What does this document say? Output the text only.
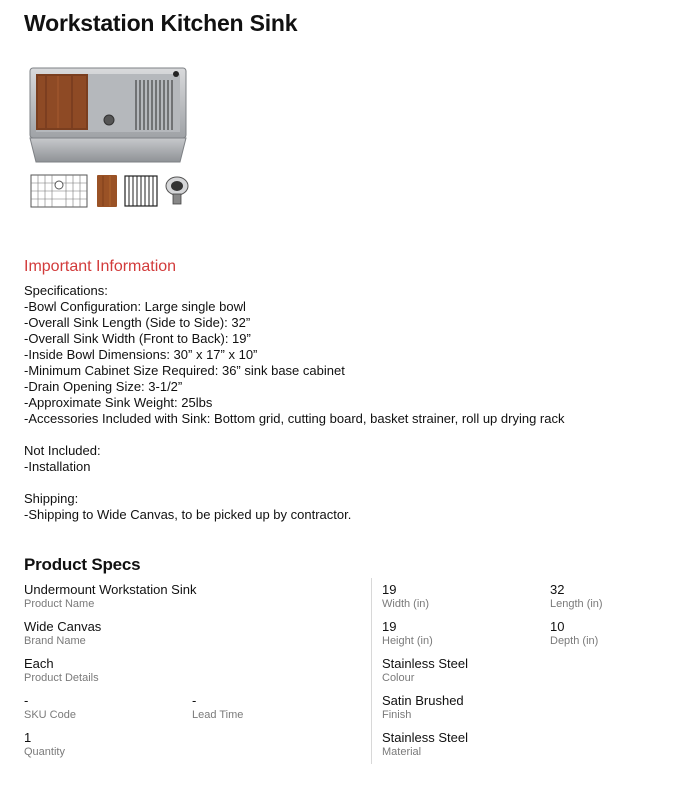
Workstation Kitchen Sink
Important Information
Specifications:
-Bowl Configuration: Large single bowl
-Overall Sink Length (Side to Side): 32”
-Overall Sink Width (Front to Back): 19”
-Inside Bowl Dimensions: 30” x 17” x 10”
-Minimum Cabinet Size Required: 36” sink base cabinet
-Drain Opening Size: 3-1/2”
-Approximate Sink Weight: 25lbs
-Accessories Included with Sink: Bottom grid, cutting board, basket strainer, roll up drying rack
Not Included:
-Installation
Shipping:
-Shipping to Wide Canvas, to be picked up by contractor.
Product Specs
Undermount Workstation Sink
Product Name
Wide Canvas
Brand Name
Each
Product Details
-
SKU Code
-
Lead Time
1
Quantity
19
Width (in)
32
Length (in)
19
Height (in)
10
Depth (in)
Stainless Steel
Colour
Satin Brushed
Finish
Stainless Steel
Material
